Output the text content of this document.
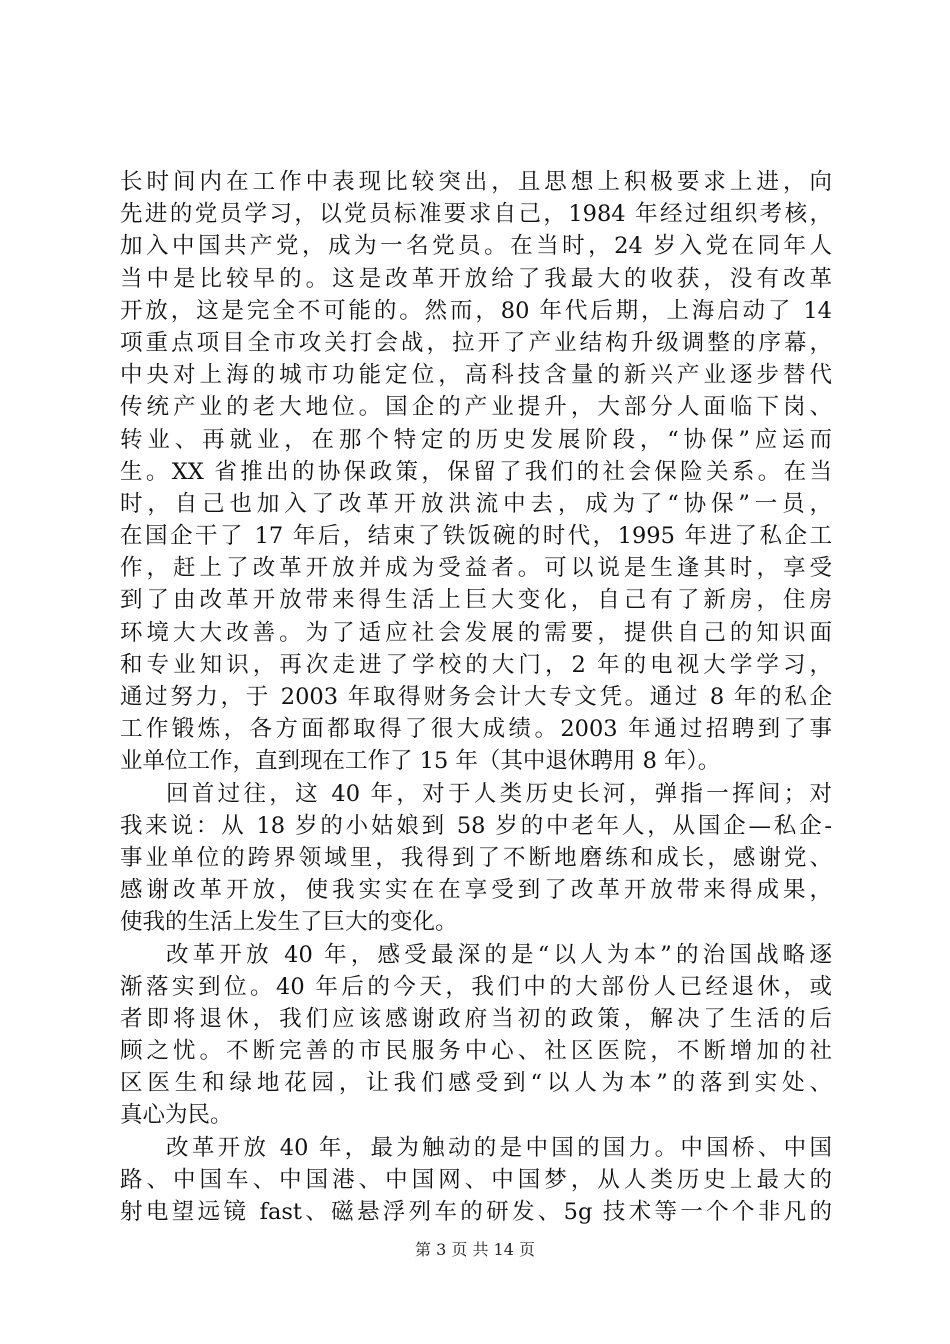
长时间内在工作中表现比较突出，且思想上积极要求上进，向
先进的党员学习，以党员标准要求自己，1984 年经过组织考核，
加入中国共产党，成为一名党员。在当时，24 岁入党在同年人
当中是比较早的。这是改革开放给了我最大的收获，没有改革
开放，这是完全不可能的。然而，80 年代后期，上海启动了 14
项重点项目全市攻关打会战，拉开了产业结构升级调整的序幕，
中央对上海的城市功能定位，高科技含量的新兴产业逐步替代
传统产业的老大地位。国企的产业提升，大部分人面临下岗、
转业、再就业，在那个特定的历史发展阶段，“协保”应运而
生。XX 省推出的协保政策，保留了我们的社会保险关系。在当
时，自己也加入了改革开放洪流中去，成为了“协保”一员，
在国企干了 17 年后，结束了铁饭碗的时代，1995 年进了私企工
作，赶上了改革开放并成为受益者。可以说是生逢其时，享受
到了由改革开放带来得生活上巨大变化，自己有了新房，住房
环境大大改善。为了适应社会发展的需要，提供自己的知识面
和专业知识，再次走进了学校的大门，2 年的电视大学学习，
通过努力，于 2003 年取得财务会计大专文凭。通过 8 年的私企
工作锻炼，各方面都取得了很大成绩。2003 年通过招聘到了事
业单位工作，直到现在工作了 15 年（其中退休聘用 8 年）。
回首过往，这 40 年，对于人类历史长河，弹指一挥间；对
我来说：从 18 岁的小姑娘到 58 岁的中老年人，从国企—私企-
事业单位的跨界领域里，我得到了不断地磨练和成长，感谢党、
感谢改革开放，使我实实在在享受到了改革开放带来得成果，
使我的生活上发生了巨大的变化。
改革开放 40 年，感受最深的是“以人为本”的治国战略逐
渐落实到位。40 年后的今天，我们中的大部份人已经退休，或
者即将退休，我们应该感谢政府当初的政策，解决了生活的后
顾之忧。不断完善的市民服务中心、社区医院，不断增加的社
区医生和绿地花园，让我们感受到“以人为本”的落到实处、
真心为民。
改革开放 40 年，最为触动的是中国的国力。中国桥、中国
路、中国车、中国港、中国网、中国梦，从人类历史上最大的
射电望远镜 fast、磁悬浮列车的研发、5g 技术等一个个非凡的
第 3 页 共 14 页
